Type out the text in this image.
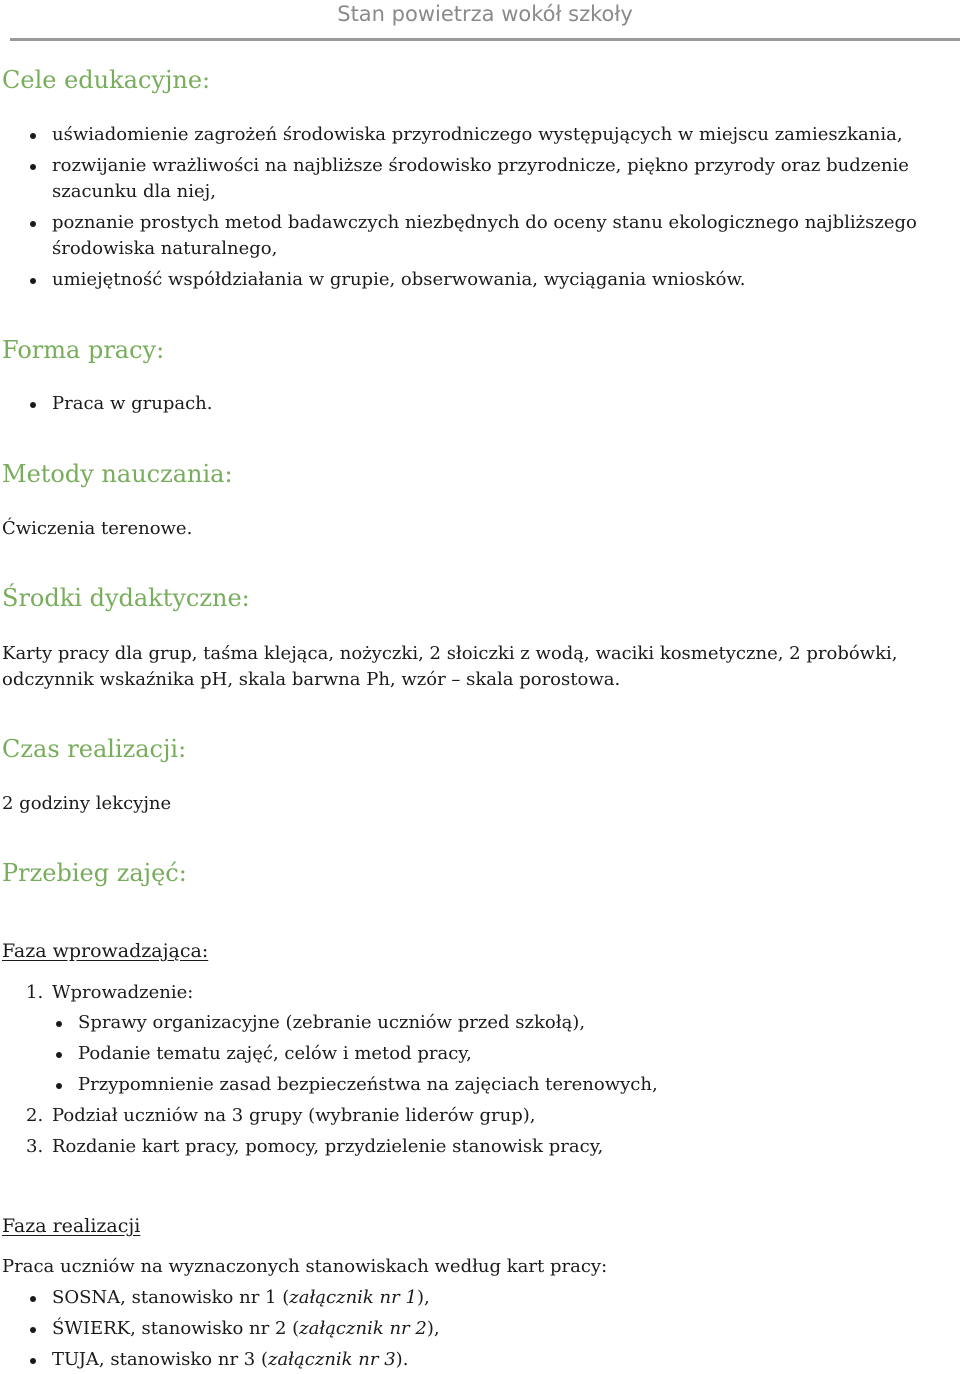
Stan powietrza wokół szkoły
Cele edukacyjne:
uświadomienie zagrożeń środowiska przyrodniczego występujących w miejscu zamieszkania,
rozwijanie wrażliwości na najbliższe środowisko przyrodnicze, piękno przyrody oraz budzenie szacunku dla niej,
poznanie prostych metod badawczych niezbędnych do oceny stanu ekologicznego najbliższego środowiska naturalnego,
umiejętność współdziałania w grupie, obserwowania, wyciągania wniosków.
Forma pracy:
Praca w grupach.
Metody nauczania:

Ćwiczenia terenowe.

Środki dydaktyczne:

Karty pracy dla grup, taśma klejąca, nożyczki, 2 słoiczki z wodą, waciki kosmetyczne, 2 probówki, odczynnik wskaźnika pH, skala barwna Ph, wzór – skala porostowa.

Czas realizacji:

2 godziny lekcyjne

Przebieg zajęć:

Faza wprowadzająca:

1. Wprowadzenie:
2. Podział uczniów na 3 grupy (wybranie liderów grup),
3. Rozdanie kart pracy, pomocy, przydzielenie stanowisk pracy,
Sprawy organizacyjne (zebranie uczniów przed szkołą),
Podanie tematu zajęć, celów i metod pracy,
Przypomnienie zasad bezpieczeństwa na zajęciach terenowych,

Faza realizacji

Praca uczniów na wyznaczonych stanowiskach według kart pracy:

SOSNA, stanowisko nr 1 (załącznik nr 1),
ŚWIERK, stanowisko nr 2 (załącznik nr 2),
TUJA, stanowisko nr 3 (załącznik nr 3).
